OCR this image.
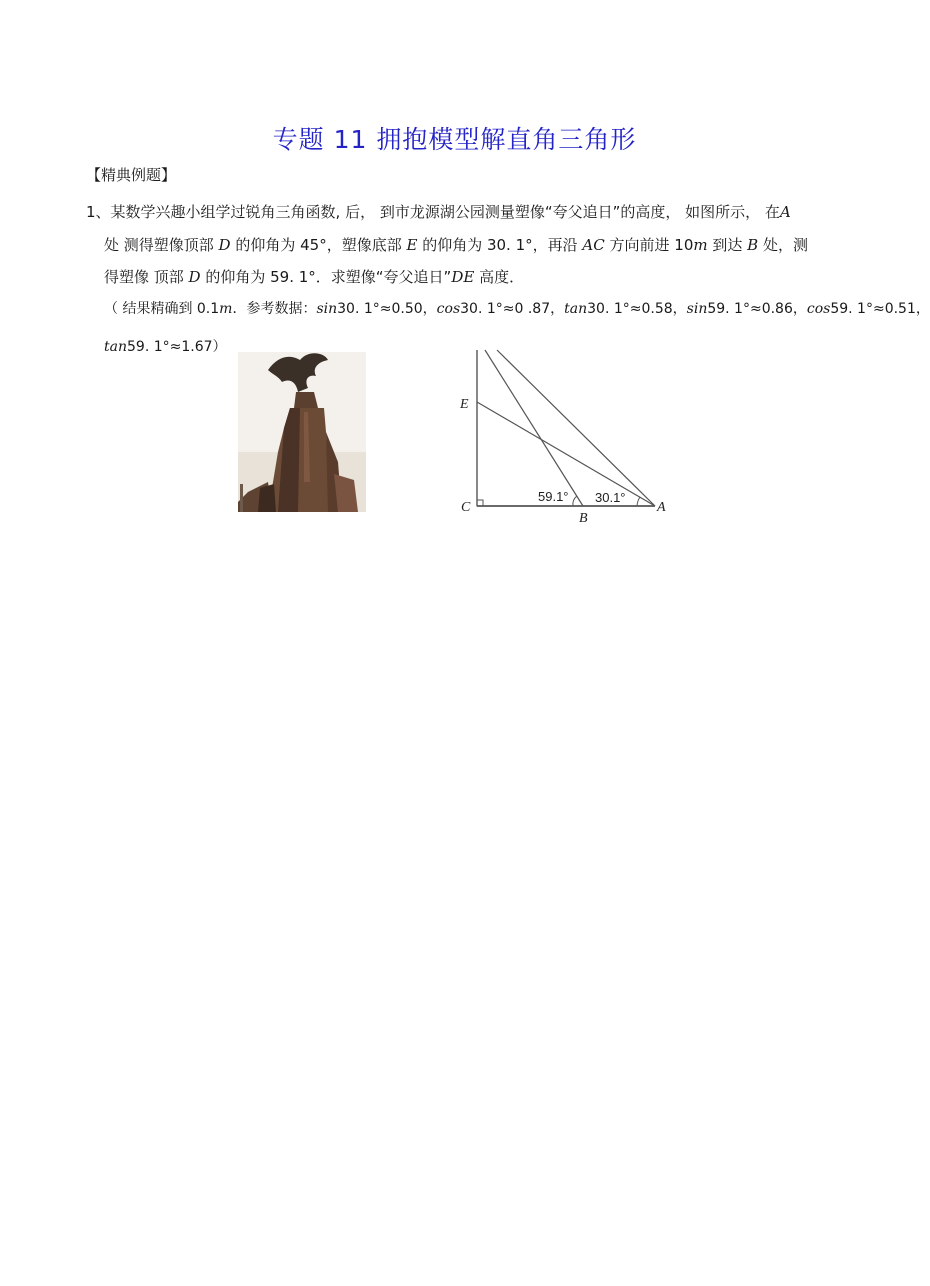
专题 11 拥抱模型解直角三角形
【精典例题】
1、某数学兴趣小组学过锐角三角函数, 后， 到市龙源湖公园测量塑像“夸父追日”的高度， 如图所示， 在A
处 测得塑像顶部 D 的仰角为 45°，塑像底部 E 的仰角为 30. 1°，再沿 AC 方向前进 10m 到达 B 处，测
得塑像 顶部 D 的仰角为 59. 1°．求塑像“夸父追日”DE 高度．
（ 结果精确到 0.1m．参考数据：sin30. 1°≈0.50，cos30. 1°≈0 .87，tan30. 1°≈0.58，sin59. 1°≈0.86，cos59. 1°≈0.51，
tan59. 1°≈1.67）
E
C
B
A
59.1° 30.1°
